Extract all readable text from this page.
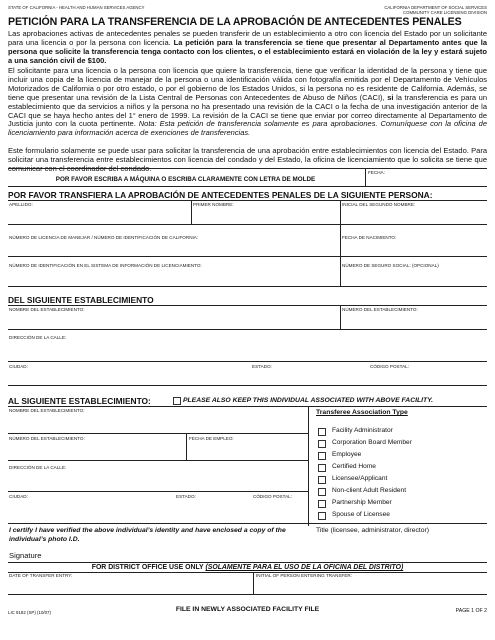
STATE OF CALIFORNIA - HEALTH AND HUMAN SERVICES AGENCY	CALIFORNIA DEPARTMENT OF SOCIAL SERVICES
COMMUNITY CARE LICENSING DIVISION
PETICIÓN PARA LA TRANSFERENCIA DE LA APROBACIÓN DE ANTECEDENTES PENALES
Las aprobaciones activas de antecedentes penales se pueden transferir de un establecimiento a otro con licencia del Estado por un solicitante para una licencia o por la persona con licencia. La petición para la transferencia se tiene que presentar al Departamento antes que la persona que solicite la transferencia tenga contacto con los clientes, o el establecimiento estará en violación de la ley y estará sujeto a una sanción civil de $100.
El solicitante para una licencia o la persona con licencia que quiere la transferencia, tiene que verificar la identidad de la persona y tiene que incluir una copia de la licencia de manejar de la persona o una identificación válida con fotografía emitida por el Departamento de Vehículos Motorizados de California o por otro estado, o por el gobierno de los Estados Unidos, si la persona no es residente de California. Además, se tiene que presentar una revisión de la Lista Central de Personas con Antecedentes de Abuso de Niños (CACI), si la transferencia es para un establecimiento que da servicios a niños y la persona no ha presentado una revisión de la CACI o la fecha de una investigación anterior de la CACI que se haya hecho antes del 1° enero de 1999. La revisión de la CACI se tiene que enviar por correo directamente al Departamento de Justicia junto con la cuota pertinente. Nota: Esta petición de transferencia solamente es para aprobaciones. Comuníquese con la oficina de licenciamiento para información acerca de exenciones de transferencias.
Este formulario solamente se puede usar para solicitar la transferencia de una aprobación entre establecimientos con licencia del Estado. Para solicitar una transferencia entre establecimientos con licencia del condado y del Estado, la oficina de licenciamiento que lo solicita se tiene que comunicar con el coordinador del condado.
POR FAVOR ESCRIBA A MÁQUINA O ESCRIBA CLARAMENTE CON LETRA DE MOLDE
FECHA:
POR FAVOR TRANSFIERA LA APROBACIÓN DE ANTECEDENTES PENALES DE LA SIGUIENTE PERSONA:
APELLIDO:	PRIMER NOMBRE:	INICIAL DEL SEGUNDO NOMBRE:
NÚMERO DE LICENCIA DE MANEJAR / NÚMERO DE IDENTIFICACIÓN DE CALIFORNIA:	FECHA DE NACIMIENTO:
NÚMERO DE IDENTIFICACIÓN EN EL SISTEMA DE INFORMACIÓN DE LICENCIAMIENTO:	NÚMERO DE SEGURO SOCIAL: (OPCIONAL)
DEL SIGUIENTE ESTABLECIMIENTO
NOMBRE DEL ESTABLECIMIENTO:	NÚMERO DEL ESTABLECIMIENTO:
DIRECCIÓN DE LA CALLE:
CIUDAD:	ESTADO:	CÓDIGO POSTAL:
AL SIGUIENTE ESTABLECIMIENTO:	PLEASE ALSO KEEP THIS INDIVIDUAL ASSOCIATED WITH ABOVE FACILITY.
NOMBRE DEL ESTABLECIMIENTO:
NÚMERO DEL ESTABLECIMIENTO:	FECHA DE EMPLEO:
DIRECCIÓN DE LA CALLE:
CIUDAD:	ESTADO:	CÓDIGO POSTAL:
Transferee Association Type
Facility Administrator
Corporation Board Member
Employee
Certified Home
Licensee/Applicant
Non-client Adult Resident
Partnership Member
Spouse of Licensee
I certify I have verified the above individual’s identity and have enclosed a copy of the individual’s photo I.D.
Title (licensee, administrator, director)
Signature
FOR DISTRICT OFFICE USE ONLY (SOLAMENTE PARA EL USO DE LA OFICINA DEL DISTRITO)
DATE OF TRANSFER ENTRY:	INITIAL OF PERSON ENTERING TRANSFER:
LIC 9182 (SP) (10/07)	FILE IN NEWLY ASSOCIATED FACILITY FILE	PAGE 1 OF 2
